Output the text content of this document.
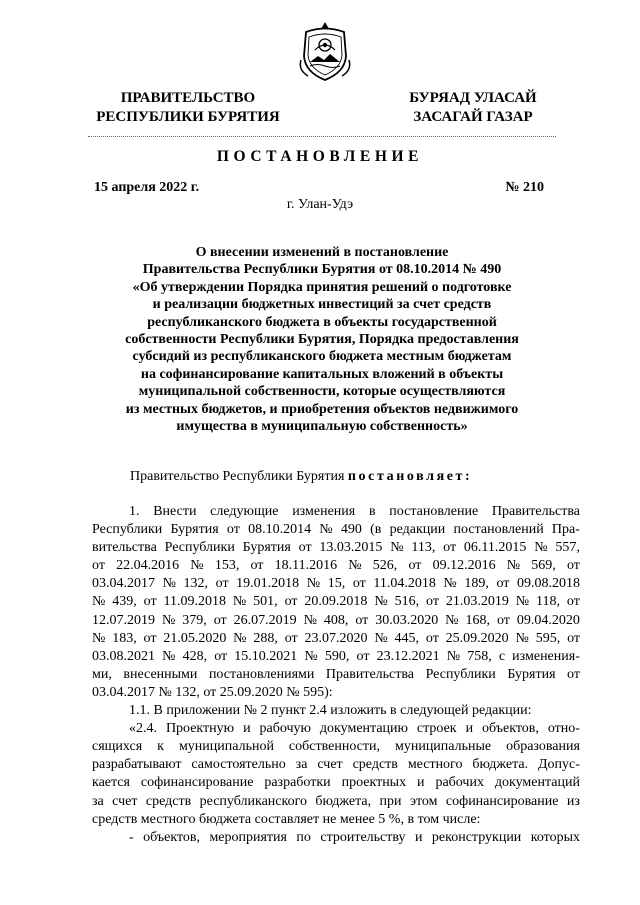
ПРАВИТЕЛЬСТВО
РЕСПУБЛИКИ БУРЯТИЯ
БУРЯАД УЛАСАЙ
ЗАСАГАЙ ГАЗАР
ПОСТАНОВЛЕНИЕ
15 апреля 2022 г.	№ 210
г. Улан-Удэ
О внесении изменений в постановление
Правительства Республики Бурятия от 08.10.2014 № 490
«Об утверждении Порядка принятия решений о подготовке
и реализации бюджетных инвестиций за счет средств
республиканского бюджета в объекты государственной
собственности Республики Бурятия, Порядка предоставления
субсидий из республиканского бюджета местным бюджетам
на софинансирование капитальных вложений в объекты
муниципальной собственности, которые осуществляются
из местных бюджетов, и приобретения объектов недвижимого
имущества в муниципальную собственность»
Правительство Республики Бурятия постановляет:
1. Внести следующие изменения в постановление Правительства
Республики Бурятия от 08.10.2014 № 490 (в редакции постановлений Пра-
вительства Республики Бурятия от 13.03.2015 № 113, от 06.11.2015 № 557,
от 22.04.2016 № 153, от 18.11.2016 № 526, от 09.12.2016 № 569, от
03.04.2017 № 132, от 19.01.2018 № 15, от 11.04.2018 № 189, от 09.08.2018
№ 439, от 11.09.2018 № 501, от 20.09.2018 № 516, от 21.03.2019 № 118, от
12.07.2019 № 379, от 26.07.2019 № 408, от 30.03.2020 № 168, от 09.04.2020
№ 183, от 21.05.2020 № 288, от 23.07.2020 № 445, от 25.09.2020 № 595, от
03.08.2021 № 428, от 15.10.2021 № 590, от 23.12.2021 № 758, с изменения-
ми, внесенными постановлениями Правительства Республики Бурятия от
03.04.2017 № 132, от 25.09.2020 № 595):
1.1. В приложении № 2 пункт 2.4 изложить в следующей редакции:
«2.4. Проектную и рабочую документацию строек и объектов, отно-
сящихся к муниципальной собственности, муниципальные образования
разрабатывают самостоятельно за счет средств местного бюджета. Допус-
кается софинансирование разработки проектных и рабочих документаций
за счет средств республиканского бюджета, при этом софинансирование из
средств местного бюджета составляет не менее 5 %, в том числе:
- объектов, мероприятия по строительству и реконструкции которых
